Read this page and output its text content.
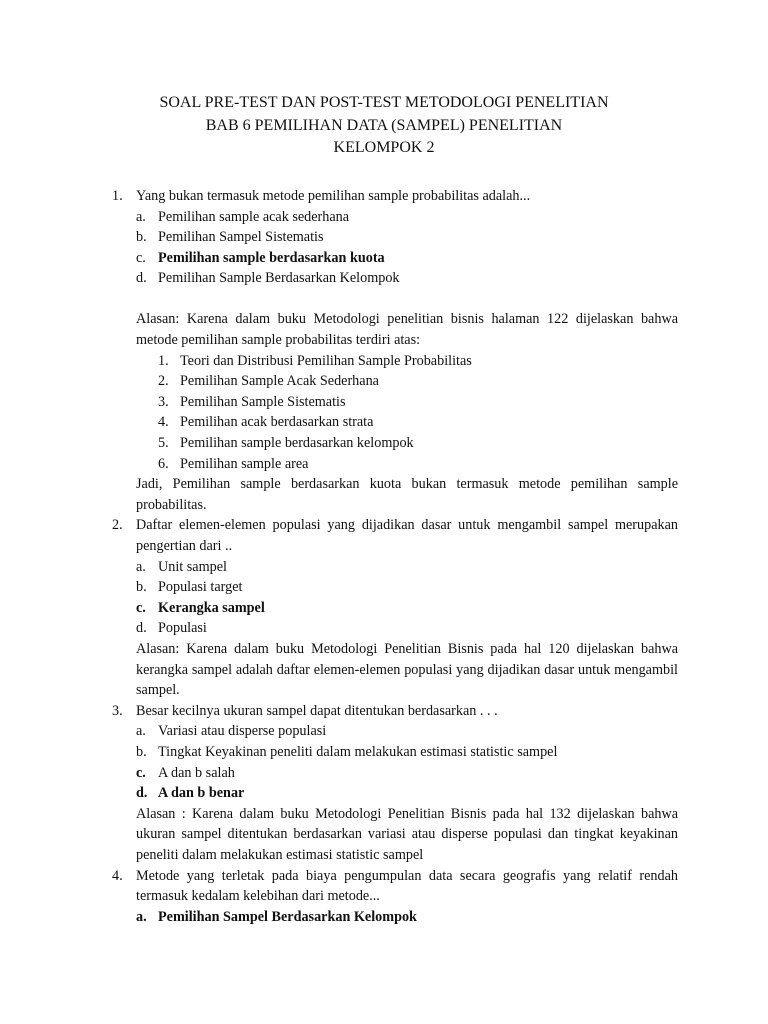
SOAL PRE-TEST DAN POST-TEST METODOLOGI PENELITIAN
BAB 6 PEMILIHAN DATA (SAMPEL) PENELITIAN
KELOMPOK 2
1. Yang bukan termasuk metode pemilihan sample probabilitas adalah...
a. Pemilihan sample acak sederhana
b. Pemilihan Sampel Sistematis
c. Pemilihan sample berdasarkan kuota
d. Pemilihan Sample Berdasarkan Kelompok
Alasan: Karena dalam buku Metodologi penelitian bisnis halaman 122 dijelaskan bahwa metode pemilihan sample probabilitas terdiri atas:
1. Teori dan Distribusi Pemilihan Sample Probabilitas
2. Pemilihan Sample Acak Sederhana
3. Pemilihan Sample Sistematis
4. Pemilihan acak berdasarkan strata
5. Pemilihan sample berdasarkan kelompok
6. Pemilihan sample area
Jadi, Pemilihan sample berdasarkan kuota bukan termasuk metode pemilihan sample probabilitas.
2. Daftar elemen-elemen populasi yang dijadikan dasar untuk mengambil sampel merupakan pengertian dari ..
a. Unit sampel
b. Populasi target
c. Kerangka sampel
d. Populasi
Alasan: Karena dalam buku Metodologi Penelitian Bisnis pada hal 120 dijelaskan bahwa kerangka sampel adalah daftar elemen-elemen populasi yang dijadikan dasar untuk mengambil sampel.
3. Besar kecilnya ukuran sampel dapat ditentukan berdasarkan . . .
a. Variasi atau disperse populasi
b. Tingkat Keyakinan peneliti dalam melakukan estimasi statistic sampel
c. A dan b salah
d. A dan b benar
Alasan : Karena dalam buku Metodologi Penelitian Bisnis pada hal 132 dijelaskan bahwa ukuran sampel ditentukan berdasarkan variasi atau disperse populasi dan tingkat keyakinan peneliti dalam melakukan estimasi statistic sampel
4. Metode yang terletak pada biaya pengumpulan data secara geografis yang relatif rendah termasuk kedalam kelebihan dari metode...
a. Pemilihan Sampel Berdasarkan Kelompok
